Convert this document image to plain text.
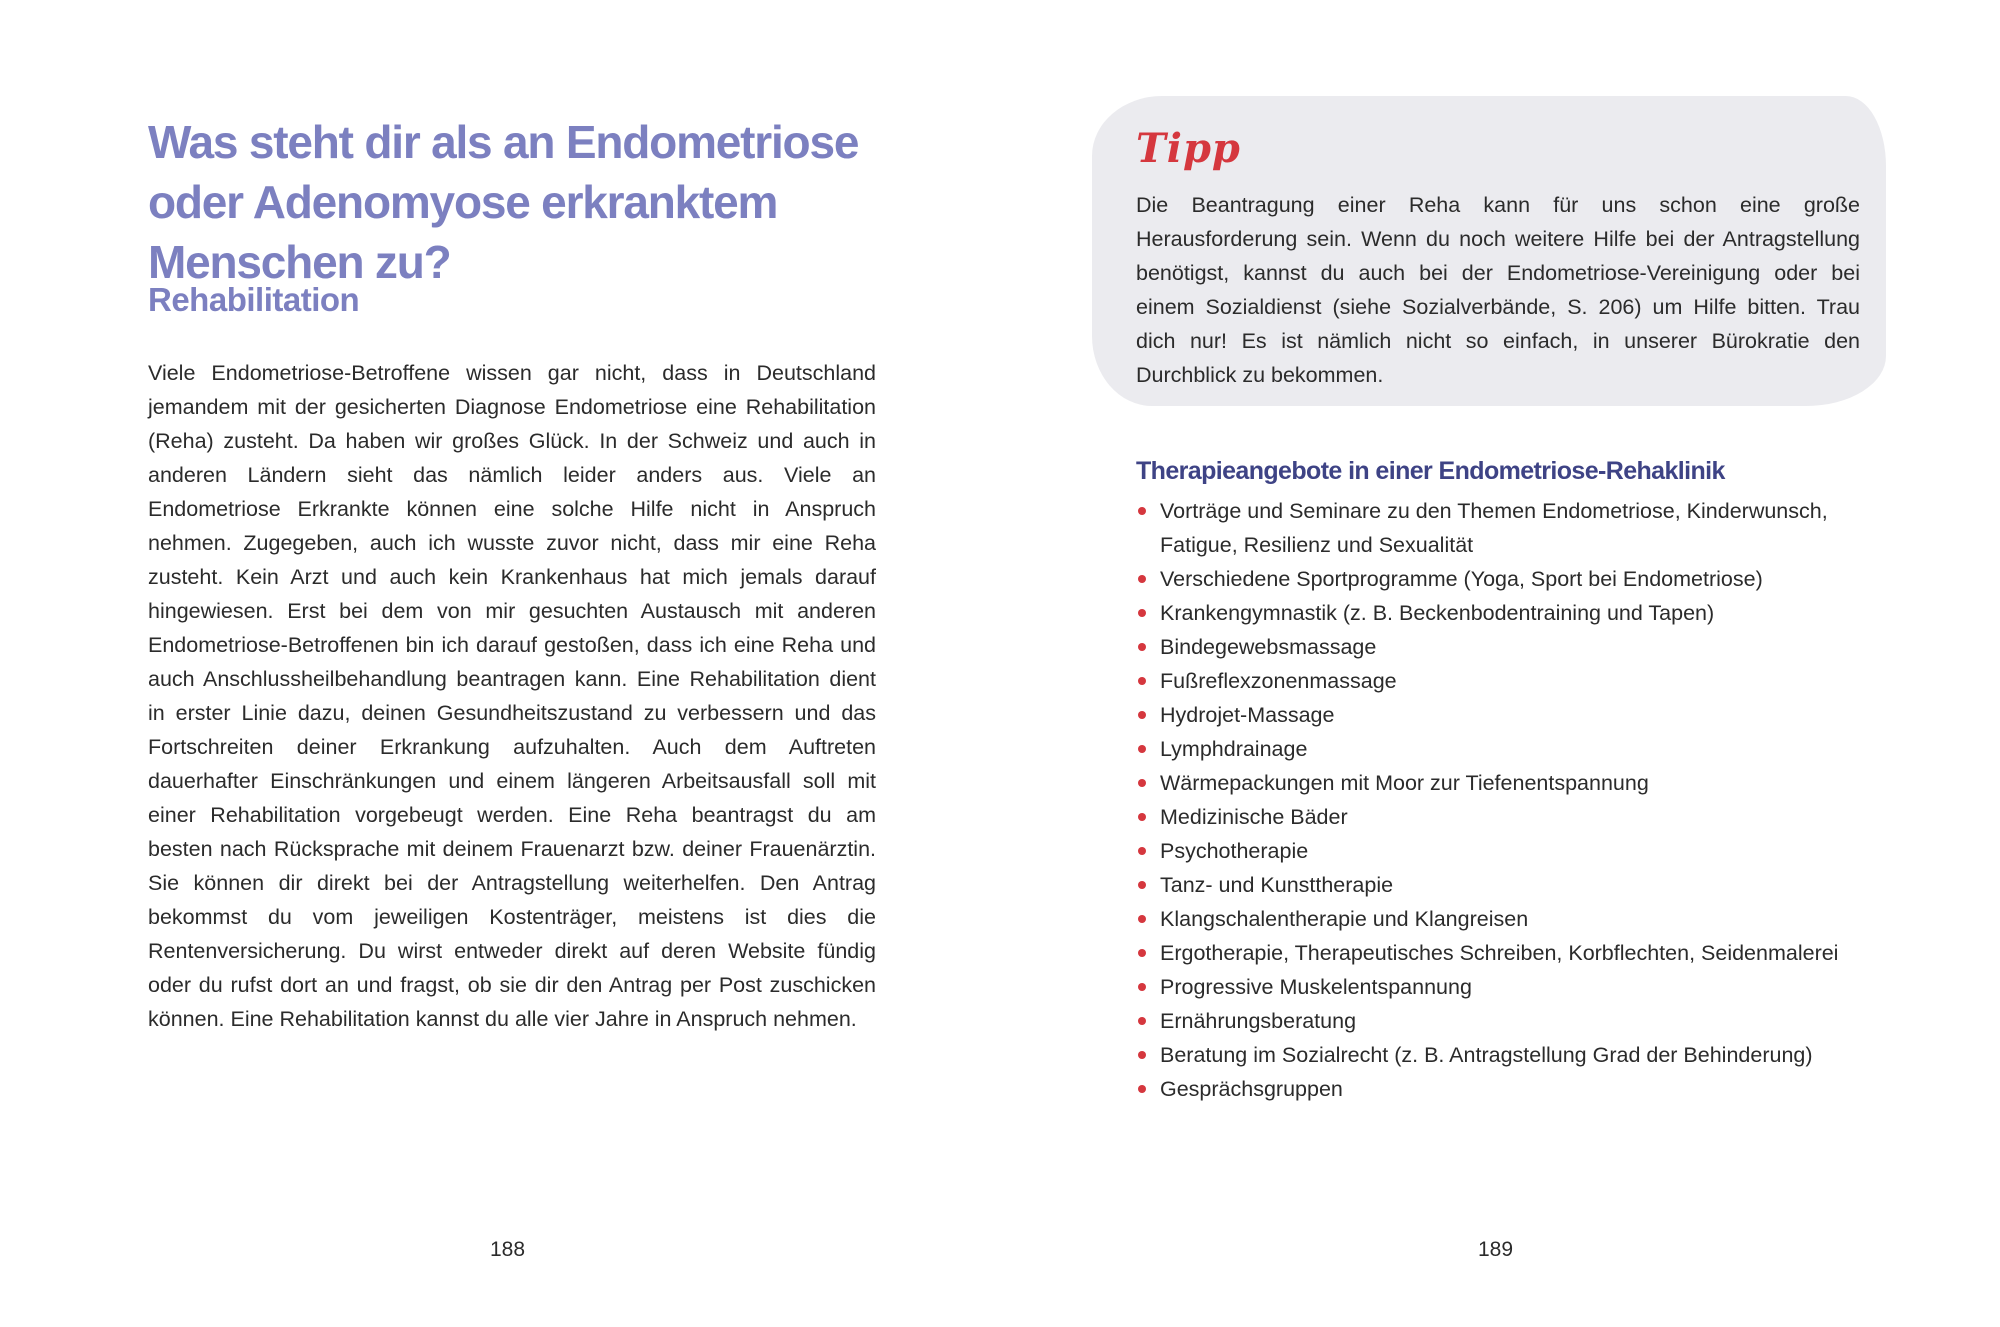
Was steht dir als an Endometriose oder Adenomyose erkranktem Menschen zu?
Rehabilitation

Viele Endometriose-Betroffene wissen gar nicht, dass in Deutschland jemandem mit der gesicherten Diagnose Endometriose eine Rehabilitation (Reha) zusteht. Da haben wir großes Glück. In der Schweiz und auch in anderen Ländern sieht das nämlich leider anders aus. Viele an Endometriose Erkrankte können eine solche Hilfe nicht in Anspruch nehmen. Zugegeben, auch ich wusste zuvor nicht, dass mir eine Reha zusteht. Kein Arzt und auch kein Krankenhaus hat mich jemals darauf hingewiesen. Erst bei dem von mir gesuchten Austausch mit anderen Endometriose-Betroffenen bin ich darauf gestoßen, dass ich eine Reha und auch Anschlussheilbehandlung beantragen kann. Eine Rehabilitation dient in erster Linie dazu, deinen Gesundheitszustand zu verbessern und das Fortschreiten deiner Erkrankung aufzuhalten. Auch dem Auftreten dauerhafter Einschränkungen und einem längeren Arbeitsausfall soll mit einer Rehabilitation vorgebeugt werden. Eine Reha beantragst du am besten nach Rücksprache mit deinem Frauenarzt bzw. deiner Frauenärztin. Sie können dir direkt bei der Antragstellung weiterhelfen. Den Antrag bekommst du vom jeweiligen Kostenträger, meistens ist dies die Rentenversicherung. Du wirst entweder direkt auf deren Website fündig oder du rufst dort an und fragst, ob sie dir den Antrag per Post zuschicken können. Eine Rehabilitation kannst du alle vier Jahre in Anspruch nehmen.

188
Tipp

Die Beantragung einer Reha kann für uns schon eine große Herausforderung sein. Wenn du noch weitere Hilfe bei der Antragstellung benötigst, kannst du auch bei der Endometriose-Vereinigung oder bei einem Sozialdienst (siehe Sozialverbände, S. 206) um Hilfe bitten. Trau dich nur! Es ist nämlich nicht so einfach, in unserer Bürokratie den Durchblick zu bekommen.

Therapieangebote in einer Endometriose-Rehaklinik
Vorträge und Seminare zu den Themen Endometriose, Kinderwunsch, Fatigue, Resilienz und Sexualität
Verschiedene Sportprogramme (Yoga, Sport bei Endometriose)
Krankengymnastik (z. B. Beckenbodentraining und Tapen)
Bindegewebsmassage
Fußreflexzonenmassage
Hydrojet-Massage
Lymphdrainage
Wärmepackungen mit Moor zur Tiefenentspannung
Medizinische Bäder
Psychotherapie
Tanz- und Kunsttherapie
Klangschalentherapie und Klangreisen
Ergotherapie, Therapeutisches Schreiben, Korbflechten, Seidenmalerei
Progressive Muskelentspannung
Ernährungsberatung
Beratung im Sozialrecht (z. B. Antragstellung Grad der Behinderung)
Gesprächsgruppen
189
